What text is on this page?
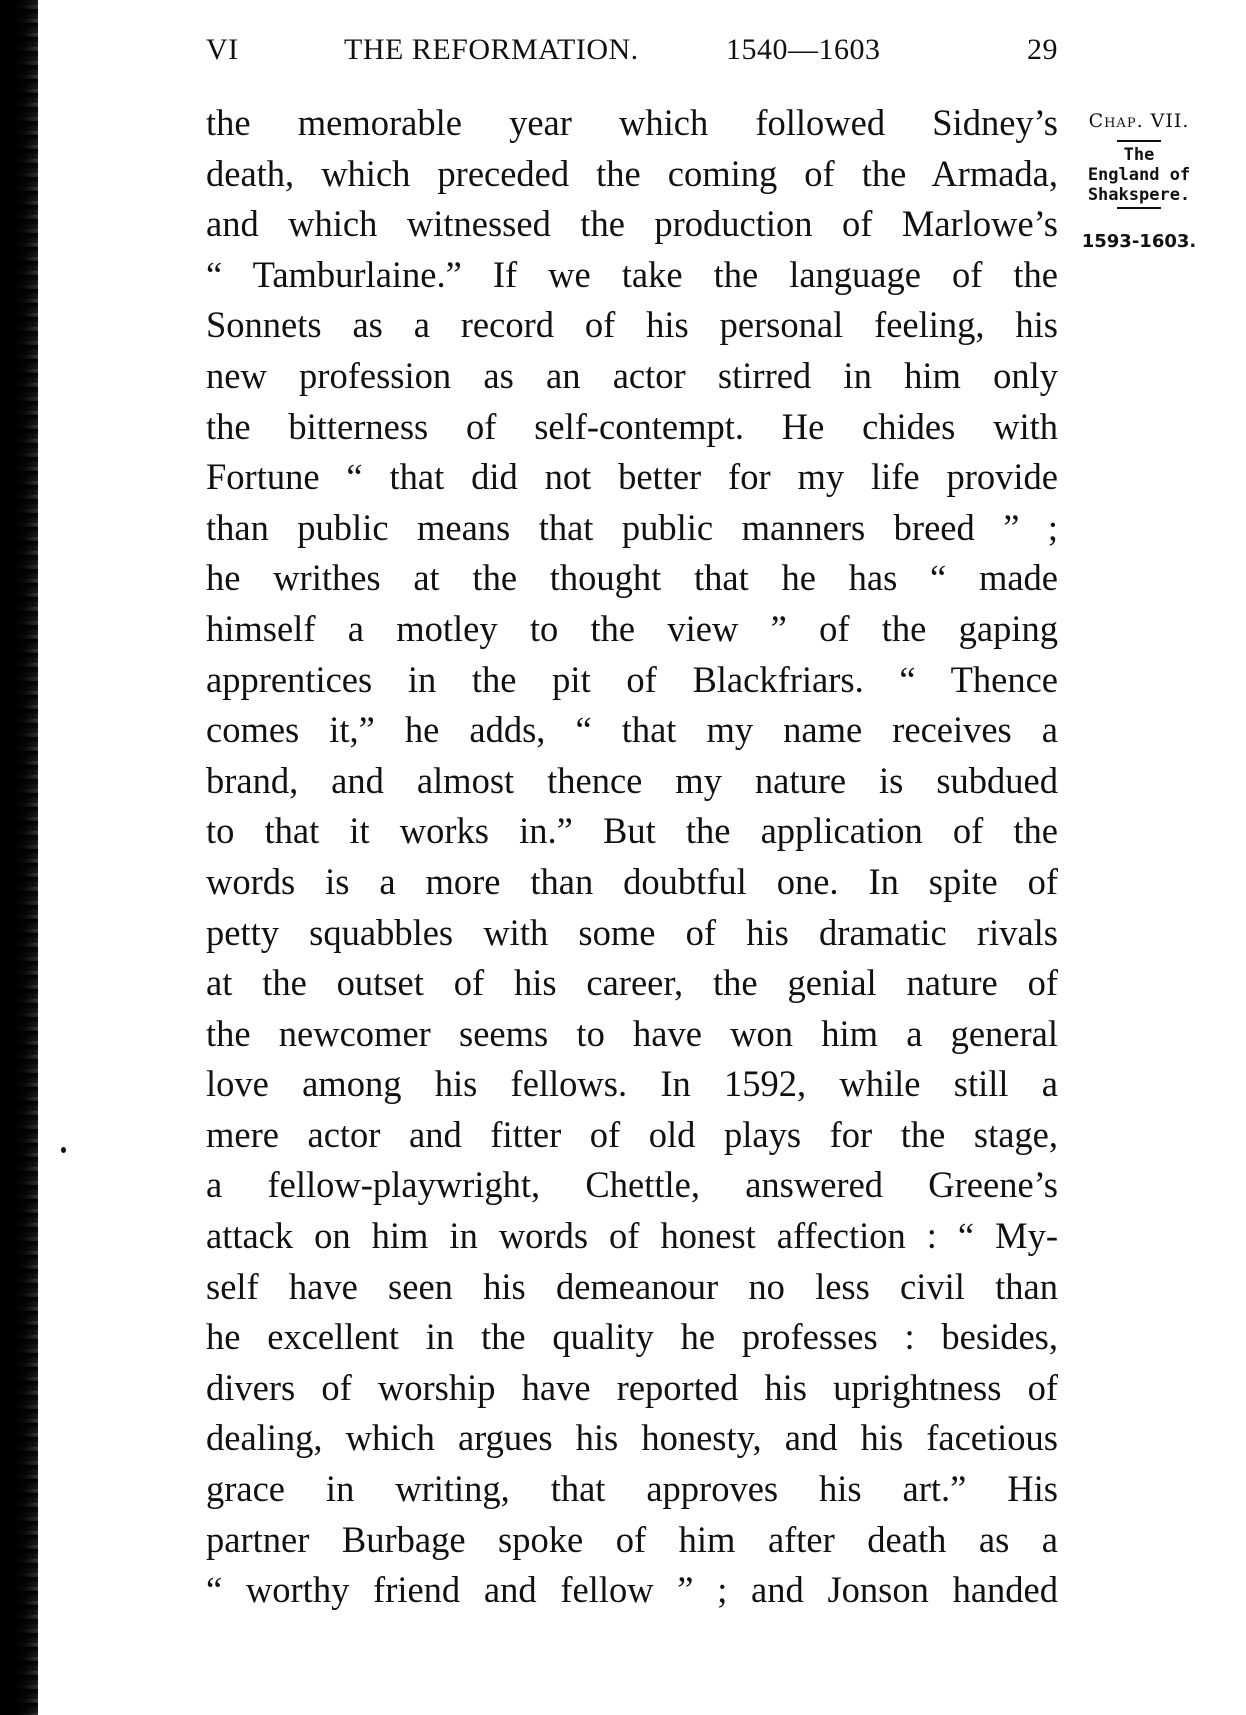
VI	THE REFORMATION.	1540—1603	29
the memorable year which followed Sidney’s
death, which preceded the coming of the Armada,
and which witnessed the production of Marlowe’s
“ Tamburlaine.” If we take the language of the
Sonnets as a record of his personal feeling, his
new profession as an actor stirred in him only
the bitterness of self-contempt. He chides with
Fortune “ that did not better for my life provide
than public means that public manners breed ” ;
he writhes at the thought that he has “ made
himself a motley to the view ” of the gaping
apprentices in the pit of Blackfriars. “ Thence
comes it,” he adds, “ that my name receives a
brand, and almost thence my nature is subdued
to that it works in.” But the application of the
words is a more than doubtful one. In spite of
petty squabbles with some of his dramatic rivals
at the outset of his career, the genial nature of
the newcomer seems to have won him a general
love among his fellows. In 1592, while still a
mere actor and fitter of old plays for the stage,
a fellow-playwright, Chettle, answered Greene’s
attack on him in words of honest affection : “ My-
self have seen his demeanour no less civil than
he excellent in the quality he professes : besides,
divers of worship have reported his uprightness of
dealing, which argues his honesty, and his facetious
grace in writing, that approves his art.” His
partner Burbage spoke of him after death as a
“ worthy friend and fellow ” ; and Jonson handed
Chap. VII.
The
England of
Shakspere.
1593-1603.
